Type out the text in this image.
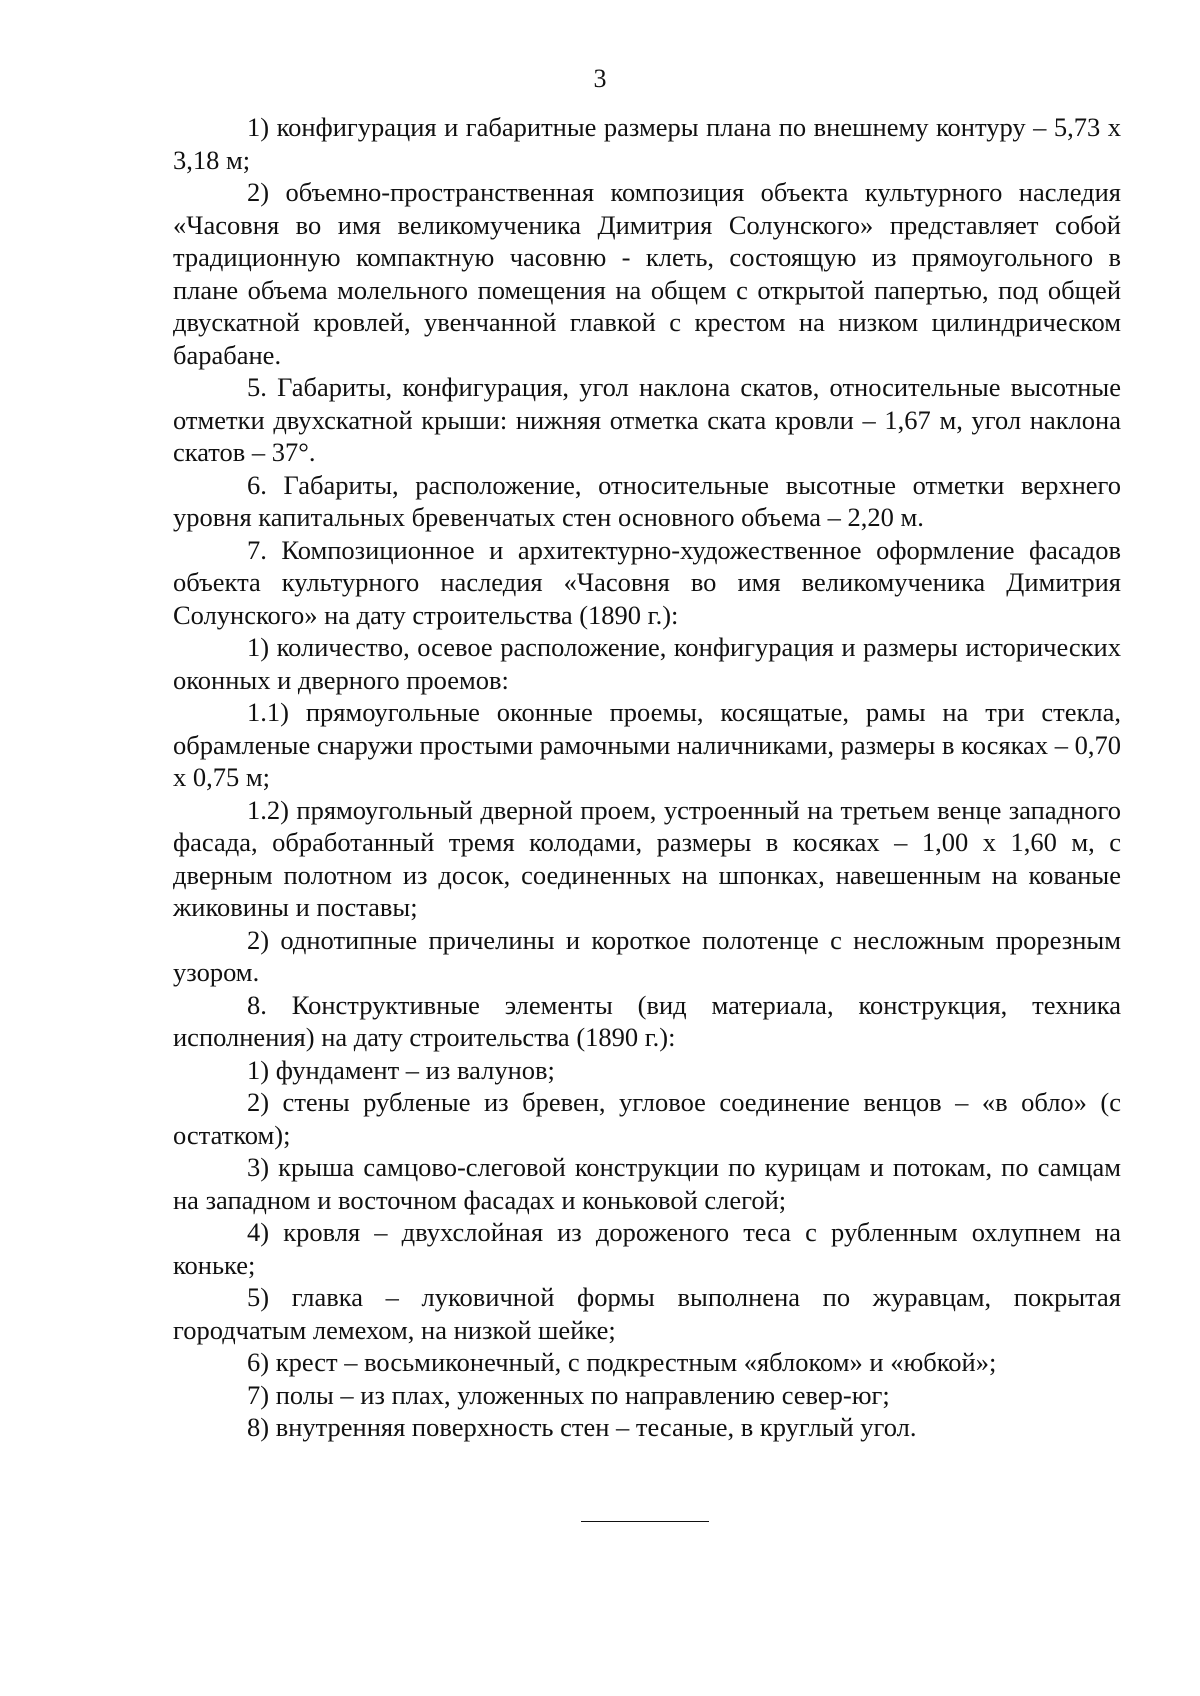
3

1) конфигурация и габаритные размеры плана по внешнему контуру – 5,73 х 3,18 м;

2) объемно-пространственная композиция объекта культурного наследия «Часовня во имя великомученика Димитрия Солунского» представляет собой традиционную компактную часовню - клеть, состоящую из прямоугольного в плане объема молельного помещения на общем с открытой папертью, под общей двускатной кровлей, увенчанной главкой с крестом на низком цилиндрическом барабане.

5. Габариты, конфигурация, угол наклона скатов, относительные высотные отметки двухскатной крыши: нижняя отметка ската кровли – 1,67 м, угол наклона скатов – 37°.

6. Габариты, расположение, относительные высотные отметки верхнего уровня капитальных бревенчатых стен основного объема – 2,20 м.

7. Композиционное и архитектурно-художественное оформление фасадов объекта культурного наследия «Часовня во имя великомученика Димитрия Солунского» на дату строительства (1890 г.):

1) количество, осевое расположение, конфигурация и размеры исторических оконных и дверного проемов:

1.1) прямоугольные оконные проемы, косящатые, рамы на три стекла, обрамленые снаружи простыми рамочными наличниками, размеры в косяках – 0,70 х 0,75 м;

1.2) прямоугольный дверной проем, устроенный на третьем венце западного фасада, обработанный тремя колодами, размеры в косяках – 1,00 х 1,60 м, с дверным полотном из досок, соединенных на шпонках, навешенным на кованые жиковины и поставы;

2) однотипные причелины и короткое полотенце с несложным прорезным узором.

8. Конструктивные элементы (вид материала, конструкция, техника исполнения) на дату строительства (1890 г.):

1) фундамент – из валунов;

2) стены рубленые из бревен, угловое соединение венцов – «в обло» (с остатком);

3) крыша самцово-слеговой конструкции по курицам и потокам, по самцам на западном и восточном фасадах и коньковой слегой;

4) кровля – двухслойная из дороженого теса с рубленным охлупнем на коньке;

5) главка – луковичной формы выполнена по журавцам, покрытая городчатым лемехом, на низкой шейке;

6) крест – восьмиконечный, с подкрестным «яблоком» и «юбкой»;

7) полы – из плах, уложенных по направлению север-юг;

8) внутренняя поверхность стен – тесаные, в круглый угол.
